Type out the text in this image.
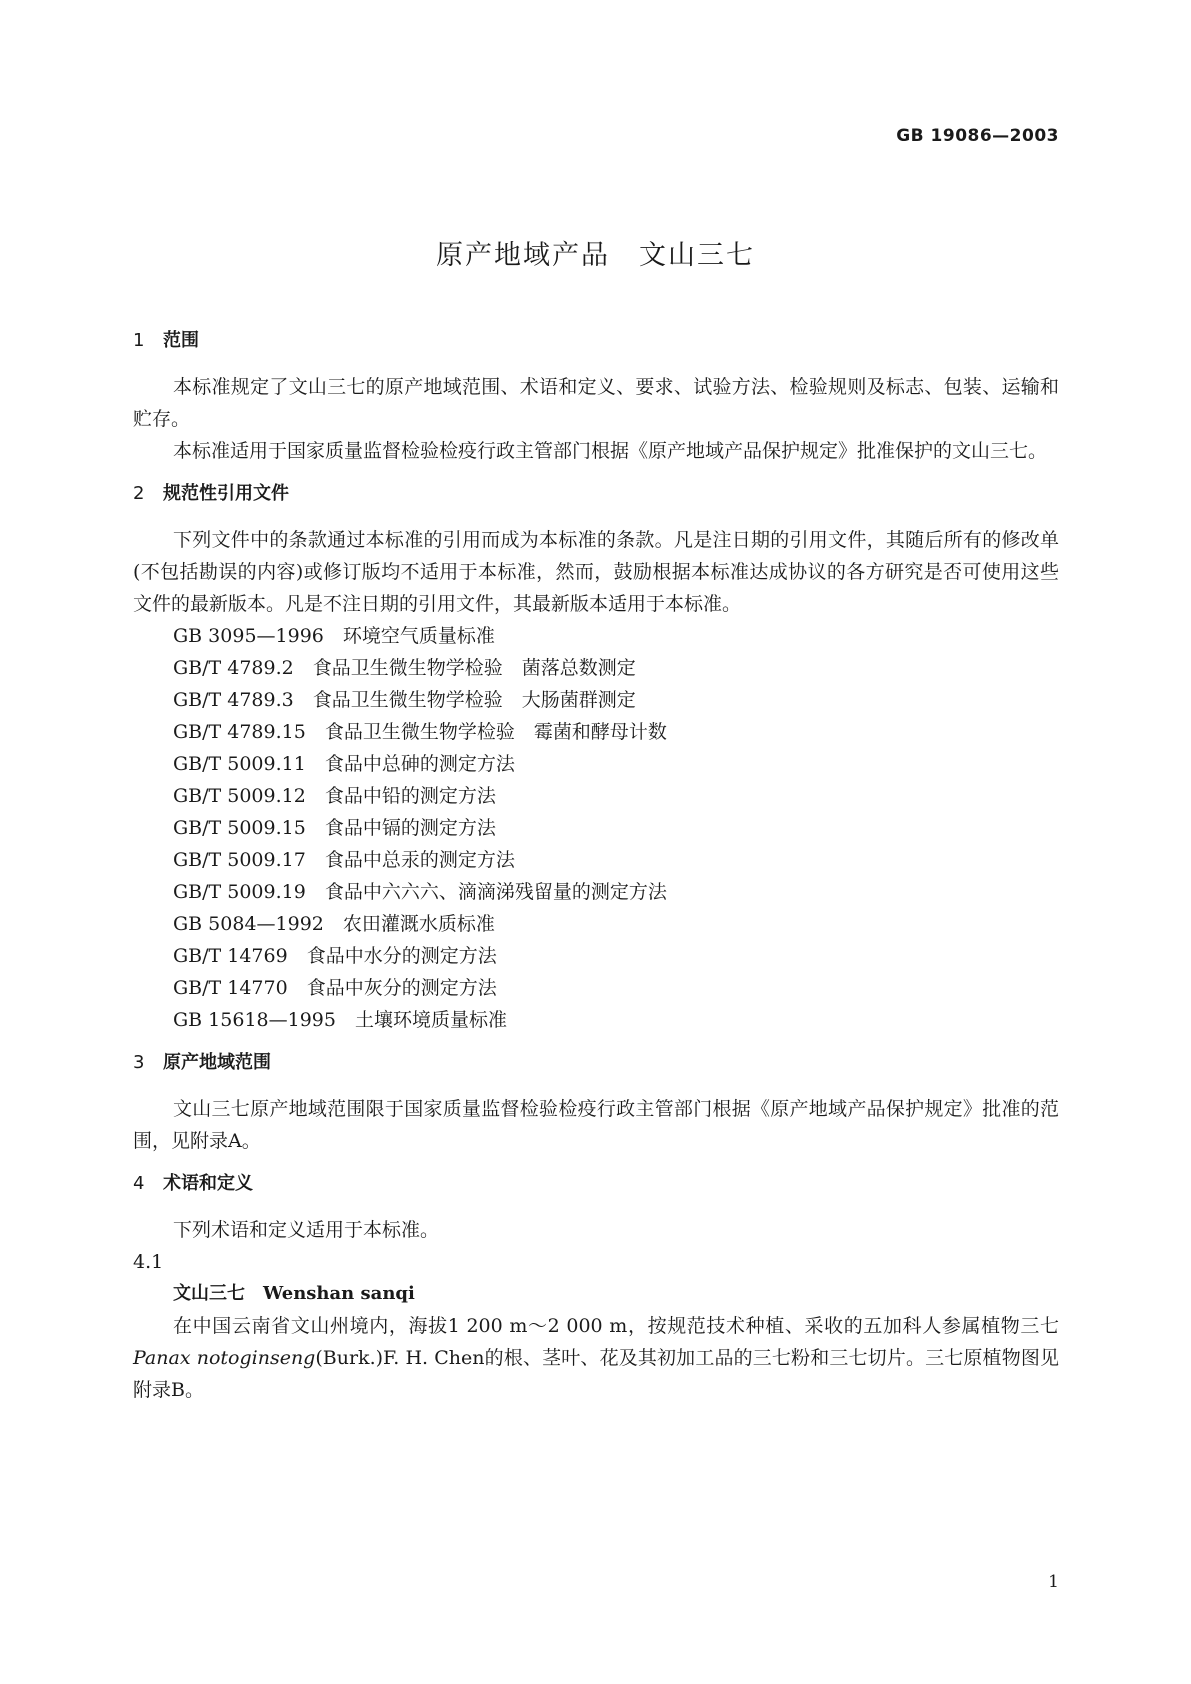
GB 19086—2003
原产地域产品　文山三七
1 范围

本标准规定了文山三七的原产地域范围、术语和定义、要求、试验方法、检验规则及标志、包装、运输和贮存。

本标准适用于国家质量监督检验检疫行政主管部门根据《原产地域产品保护规定》批准保护的文山三七。

2 规范性引用文件

下列文件中的条款通过本标准的引用而成为本标准的条款。凡是注日期的引用文件，其随后所有的修改单(不包括勘误的内容)或修订版均不适用于本标准，然而，鼓励根据本标准达成协议的各方研究是否可使用这些文件的最新版本。凡是不注日期的引用文件，其最新版本适用于本标准。

GB 3095—1996　环境空气质量标准
GB/T 4789.2　食品卫生微生物学检验　菌落总数测定
GB/T 4789.3　食品卫生微生物学检验　大肠菌群测定
GB/T 4789.15　食品卫生微生物学检验　霉菌和酵母计数
GB/T 5009.11　食品中总砷的测定方法
GB/T 5009.12　食品中铅的测定方法
GB/T 5009.15　食品中镉的测定方法
GB/T 5009.17　食品中总汞的测定方法
GB/T 5009.19　食品中六六六、滴滴涕残留量的测定方法
GB 5084—1992　农田灌溉水质标准
GB/T 14769　食品中水分的测定方法
GB/T 14770　食品中灰分的测定方法
GB 15618—1995　土壤环境质量标准
3 原产地域范围

文山三七原产地域范围限于国家质量监督检验检疫行政主管部门根据《原产地域产品保护规定》批准的范围，见附录A。

4 术语和定义

下列术语和定义适用于本标准。

4.1
文山三七　 Wenshan sanqi

在中国云南省文山州境内，海拔1 200 m～2 000 m，按规范技术种植、采收的五加科人参属植物三七Panax notoginseng(Burk.)F. H. Chen的根、茎叶、花及其初加工品的三七粉和三七切片。三七原植物图见附录B。

1
